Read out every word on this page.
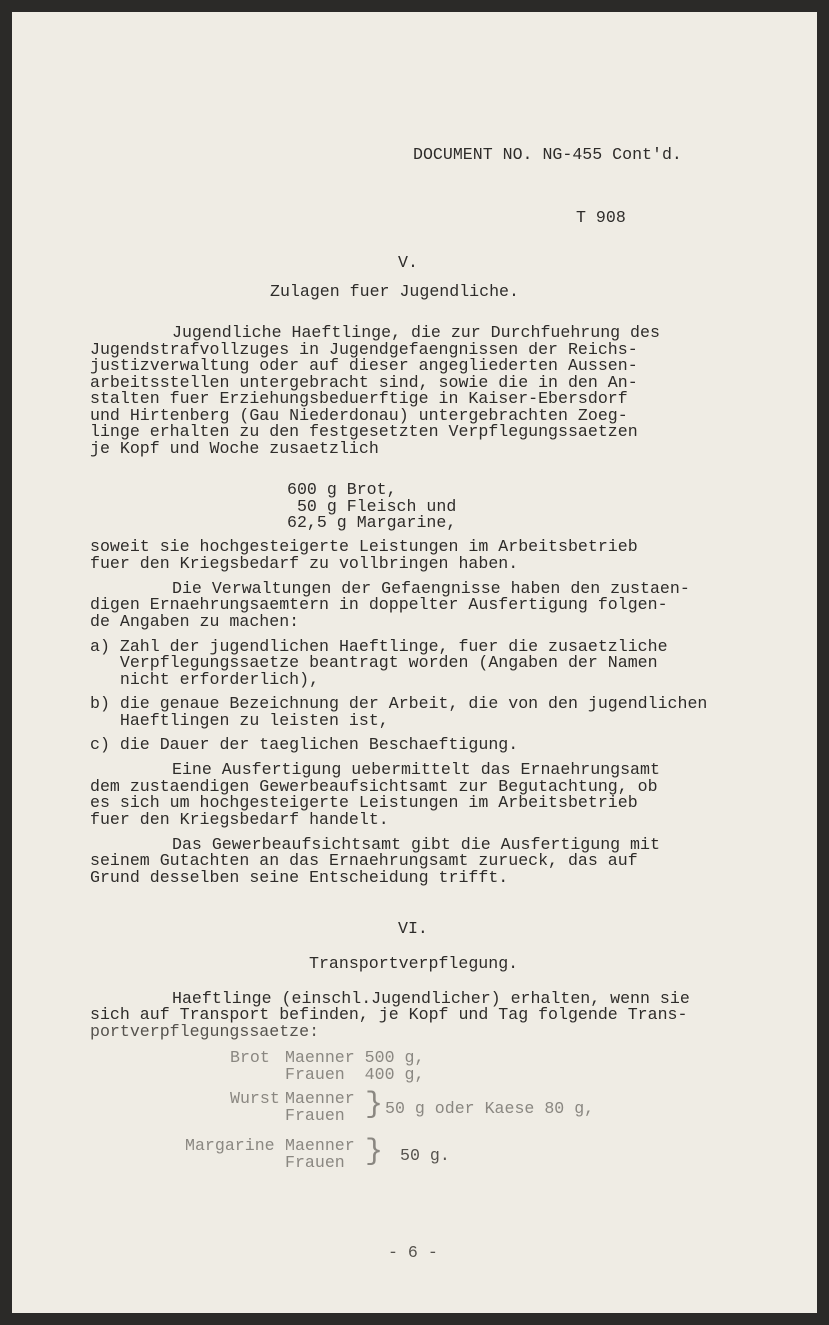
DOCUMENT NO. NG-455 Cont'd.
T 908
V.
Zulagen fuer Jugendliche.
Jugendliche Haeftlinge, die zur Durchfuehrung des
Jugendstrafvollzuges in Jugendgefaengnissen der Reichs-
justizverwaltung oder auf dieser angegliederten Aussen-
arbeitsstellen untergebracht sind, sowie die in den An-
stalten fuer Erziehungsbeduerftige in Kaiser-Ebersdorf
und Hirtenberg (Gau Niederdonau) untergebrachten Zoeg-
linge erhalten zu den festgesetzten Verpflegungssaetzen
je Kopf und Woche zusaetzlich
600 g Brot,
50 g Fleisch und
62,5 g Margarine,
soweit sie hochgesteigerte Leistungen im Arbeitsbetrieb
fuer den Kriegsbedarf zu vollbringen haben.
Die Verwaltungen der Gefaengnisse haben den zustaen-
digen Ernaehrungsaemtern in doppelter Ausfertigung folgen-
de Angaben zu machen:
a) Zahl der jugendlichen Haeftlinge, fuer die zusaetzliche
Verpflegungssaetze beantragt worden (Angaben der Namen
nicht erforderlich),
b) die genaue Bezeichnung der Arbeit, die von den jugendlichen
Haeftlingen zu leisten ist,
c) die Dauer der taeglichen Beschaeftigung.
Eine Ausfertigung uebermittelt das Ernaehrungsamt
dem zustaendigen Gewerbeaufsichtsamt zur Begutachtung, ob
es sich um hochgesteigerte Leistungen im Arbeitsbetrieb
fuer den Kriegsbedarf handelt.
Das Gewerbeaufsichtsamt gibt die Ausfertigung mit
seinem Gutachten an das Ernaehrungsamt zurueck, das auf
Grund desselben seine Entscheidung trifft.
VI.
Transportverpflegung.
Haeftlinge (einschl.Jugendlicher) erhalten, wenn sie
sich auf Transport befinden, je Kopf und Tag folgende Trans-
portverpflegungssaetze:
Brot Maenner 500 g,
Frauen  400 g,
Wurst Maenner
Frauen } 50 g oder Kaese 80 g,
Margarine Maenner
Frauen } 50 g.
- 6 -
